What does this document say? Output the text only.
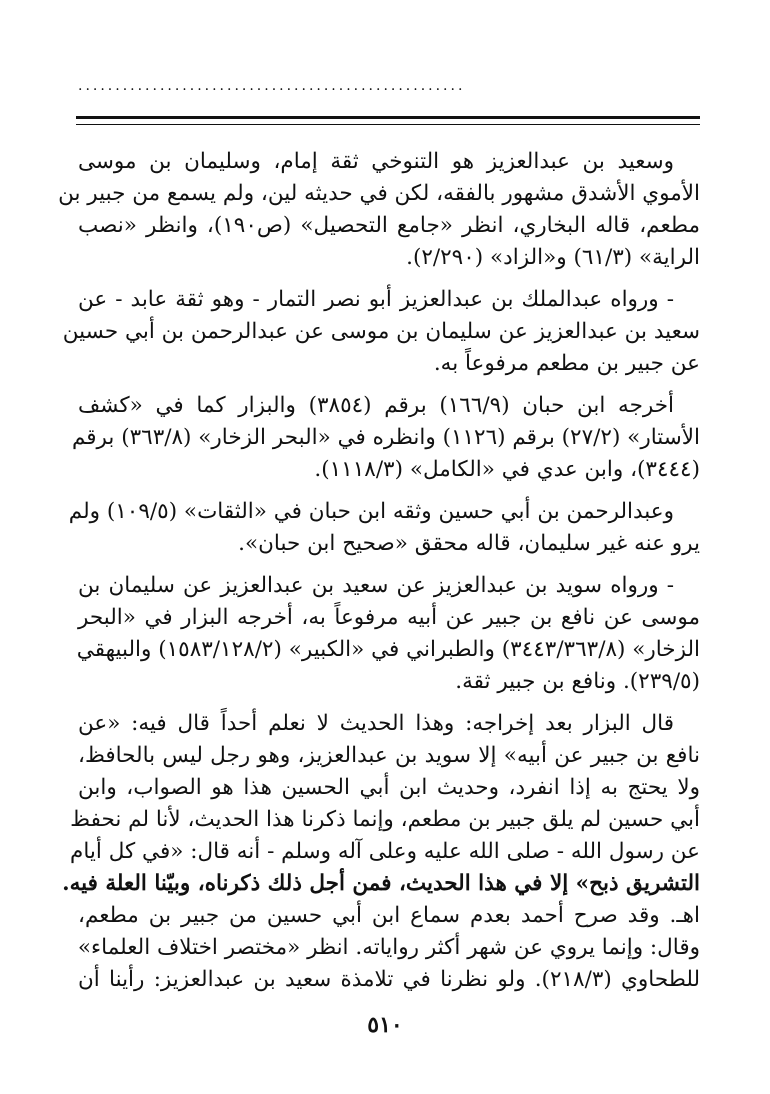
....................................................
وسعيد بن عبدالعزيز هو التنوخي ثقة إمام، وسليمان بن موسى
الأموي الأشدق مشهور بالفقه، لكن في حديثه لين، ولم يسمع من جبير بن
مطعم، قاله البخاري، انظر «جامع التحصيل» (ص١٩٠)، وانظر «نصب
الراية» (٦١/٣) و«الزاد» (٢/٢٩٠).
- ورواه عبدالملك بن عبدالعزيز أبو نصر التمار - وهو ثقة عابد - عن
سعيد بن عبدالعزيز عن سليمان بن موسى عن عبدالرحمن بن أبي حسين
عن جبير بن مطعم مرفوعاً به.
أخرجه ابن حبان (١٦٦/٩) برقم (٣٨٥٤) والبزار كما في «كشف
الأستار» (٢٧/٢) برقم (١١٢٦) وانظره في «البحر الزخار» (٣٦٣/٨) برقم
(٣٤٤٤)، وابن عدي في «الكامل» (١١١٨/٣).
وعبدالرحمن بن أبي حسين وثقه ابن حبان في «الثقات» (١٠٩/٥) ولم
يرو عنه غير سليمان، قاله محقق «صحيح ابن حبان».
- ورواه سويد بن عبدالعزيز عن سعيد بن عبدالعزيز عن سليمان بن
موسى عن نافع بن جبير عن أبيه مرفوعاً به، أخرجه البزار في «البحر
الزخار» (٣٤٤٣/٣٦٣/٨) والطبراني في «الكبير» (١٥٨٣/١٢٨/٢) والبيهقي
(٢٣٩/٥). ونافع بن جبير ثقة.
قال البزار بعد إخراجه: وهذا الحديث لا نعلم أحداً قال فيه: «عن
نافع بن جبير عن أبيه» إلا سويد بن عبدالعزيز، وهو رجل ليس بالحافظ،
ولا يحتج به إذا انفرد، وحديث ابن أبي الحسين هذا هو الصواب، وابن
أبي حسين لم يلق جبير بن مطعم، وإنما ذكرنا هذا الحديث، لأنا لم نحفظ
عن رسول الله - صلى الله عليه وعلى آله وسلم - أنه قال: «في كل أيام
التشريق ذبح» إلا في هذا الحديث، فمن أجل ذلك ذكرناه، وبيّنا العلة فيه.
اهـ. وقد صرح أحمد بعدم سماع ابن أبي حسين من جبير بن مطعم،
وقال: وإنما يروي عن شهر أكثر رواياته. انظر «مختصر اختلاف العلماء»
للطحاوي (٢١٨/٣). ولو نظرنا في تلامذة سعيد بن عبدالعزيز: رأينا أن
٥١٠
